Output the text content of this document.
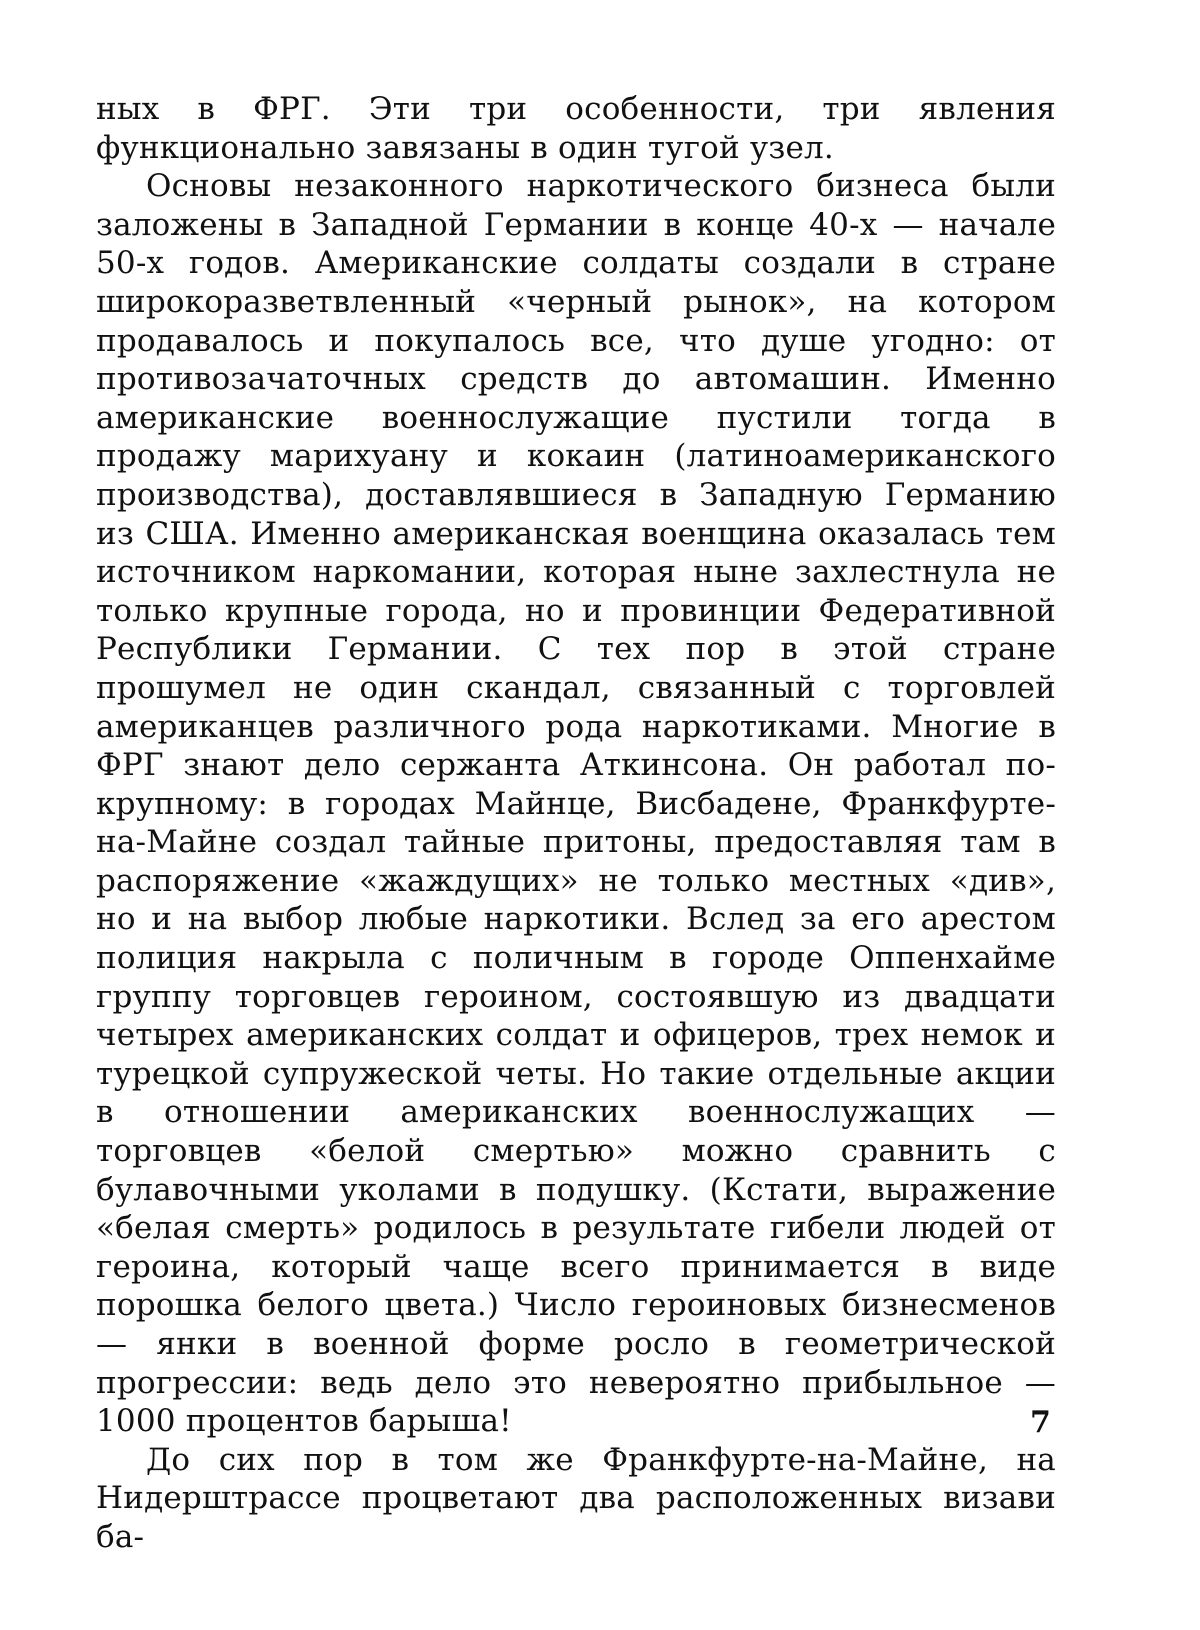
ных в ФРГ. Эти три особенности, три явления функционально завязаны в один тугой узел.

Основы незаконного наркотического бизнеса были заложены в Западной Германии в конце 40-х — начале 50-х годов. Американские солдаты создали в стране широкоразветвленный «черный рынок», на котором продавалось и покупалось все, что душе угодно: от противозачаточных средств до автомашин. Именно американские военнослужащие пустили тогда в продажу марихуану и кокаин (латиноамериканского производства), доставлявшиеся в Западную Германию из США. Именно американская военщина оказалась тем источником наркомании, которая ныне захлестнула не только крупные города, но и провинции Федеративной Республики Германии. С тех пор в этой стране прошумел не один скандал, связанный с торговлей американцев различного рода наркотиками. Многие в ФРГ знают дело сержанта Аткинсона. Он работал по-крупному: в городах Майнце, Висбадене, Франкфурте-на-Майне создал тайные притоны, предоставляя там в распоряжение «жаждущих» не только местных «див», но и на выбор любые наркотики. Вслед за его арестом полиция накрыла с поличным в городе Оппенхайме группу торговцев героином, состоявшую из двадцати четырех американских солдат и офицеров, трех немок и турецкой супружеской четы. Но такие отдельные акции в отношении американских военнослужащих — торговцев «белой смертью» можно сравнить с булавочными уколами в подушку. (Кстати, выражение «белая смерть» родилось в результате гибели людей от героина, который чаще всего принимается в виде порошка белого цвета.) Число героиновых бизнесменов — янки в военной форме росло в геометрической прогрессии: ведь дело это невероятно прибыльное — 1000 процентов барыша!

До сих пор в том же Франкфурте-на-Майне, на Нидерштрассе процветают два расположенных визави ба-

7
